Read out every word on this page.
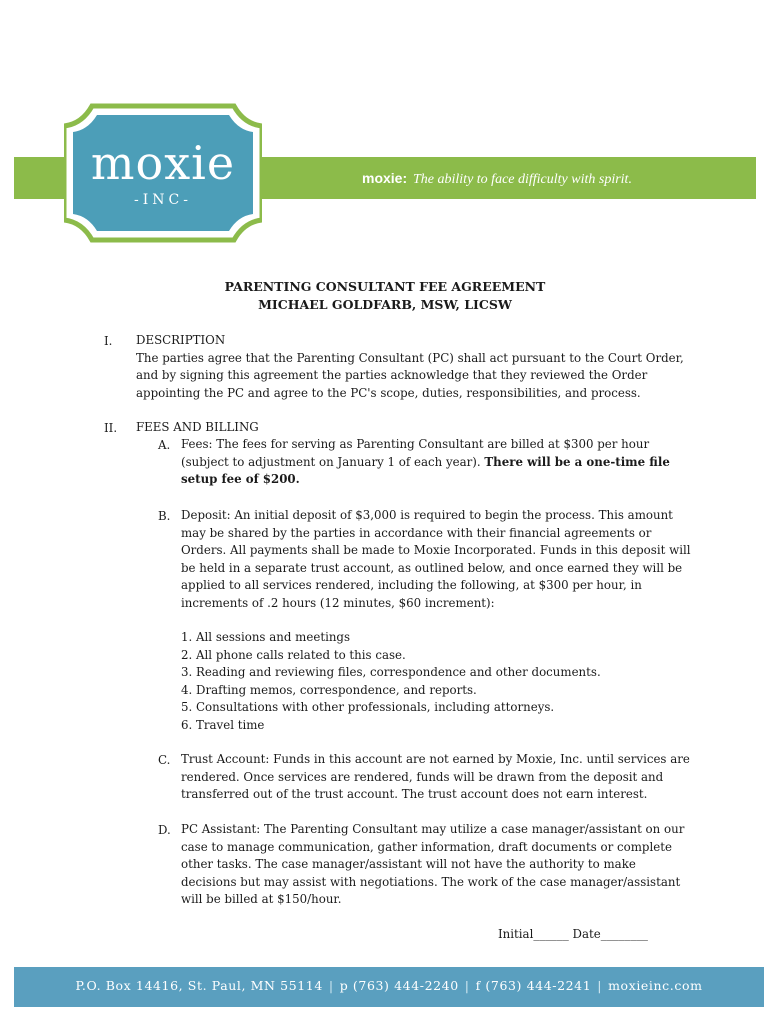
moxie: The ability to face difficulty with spirit.
moxie
-INC-
PARENTING CONSULTANT FEE AGREEMENT
MICHAEL GOLDFARB, MSW, LICSW
I. DESCRIPTION
The parties agree that the Parenting Consultant (PC) shall act pursuant to the Court Order,
and by signing this agreement the parties acknowledge that they reviewed the Order
appointing the PC and agree to the PC's scope, duties, responsibilities, and process.
II. FEES AND BILLING
A. Fees: The fees for serving as Parenting Consultant are billed at $300 per hour
(subject to adjustment on January 1 of each year). There will be a one-time file
setup fee of $200.
B. Deposit: An initial deposit of $3,000 is required to begin the process. This amount
may be shared by the parties in accordance with their financial agreements or
Orders. All payments shall be made to Moxie Incorporated. Funds in this deposit will
be held in a separate trust account, as outlined below, and once earned they will be
applied to all services rendered, including the following, at $300 per hour, in
increments of .2 hours (12 minutes, $60 increment):
1. All sessions and meetings
2. All phone calls related to this case.
3. Reading and reviewing files, correspondence and other documents.
4. Drafting memos, correspondence, and reports.
5. Consultations with other professionals, including attorneys.
6. Travel time
C. Trust Account: Funds in this account are not earned by Moxie, Inc. until services are
rendered. Once services are rendered, funds will be drawn from the deposit and
transferred out of the trust account. The trust account does not earn interest.
D. PC Assistant: The Parenting Consultant may utilize a case manager/assistant on our
case to manage communication, gather information, draft documents or complete
other tasks. The case manager/assistant will not have the authority to make
decisions but may assist with negotiations. The work of the case manager/assistant
will be billed at $150/hour.
Initial______ Date________
P.O. Box 14416, St. Paul, MN 55114 | p (763) 444-2240 | f (763) 444-2241 | moxieinc.com
